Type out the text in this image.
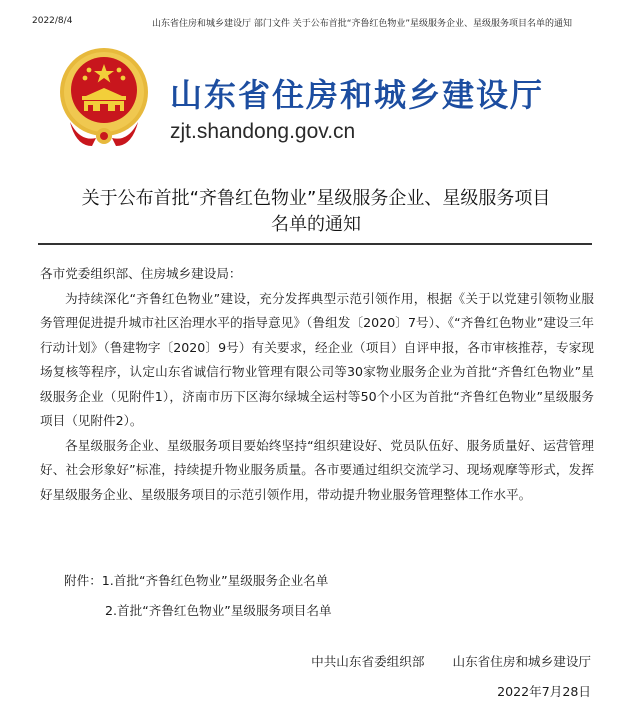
2022/8/4	山东省住房和城乡建设厅 部门文件 关于公布首批“齐鲁红色物业”星级服务企业、星级服务项目名单的通知
山东省住房和城乡建设厅
zjt.shandong.gov.cn
关于公布首批“齐鲁红色物业”星级服务企业、星级服务项目
名单的通知

各市党委组织部、住房城乡建设局：

为持续深化“齐鲁红色物业”建设，充分发挥典型示范引领作用，根据《关于以党建引领物业服务管理促进提升城市社区治理水平的指导意见》（鲁组发〔2020〕7号）、《“齐鲁红色物业”建设三年行动计划》（鲁建物字〔2020〕9号）有关要求，经企业（项目）自评申报，各市审核推荐，专家现场复核等程序，认定山东省诚信行物业管理有限公司等30家物业服务企业为首批“齐鲁红色物业”星级服务企业（见附件1），济南市历下区海尔绿城全运村等50个小区为首批“齐鲁红色物业”星级服务项目（见附件2）。

各星级服务企业、星级服务项目要始终坚持“组织建设好、党员队伍好、服务质量好、运营管理好、社会形象好”标准，持续提升物业服务质量。各市要通过组织交流学习、现场观摩等形式，发挥好星级服务企业、星级服务项目的示范引领作用，带动提升物业服务管理整体工作水平。

附件：1.首批“齐鲁红色物业”星级服务企业名单
2.首批“齐鲁红色物业”星级服务项目名单
中共山东省委组织部 山东省住房和城乡建设厅
2022年7月28日
